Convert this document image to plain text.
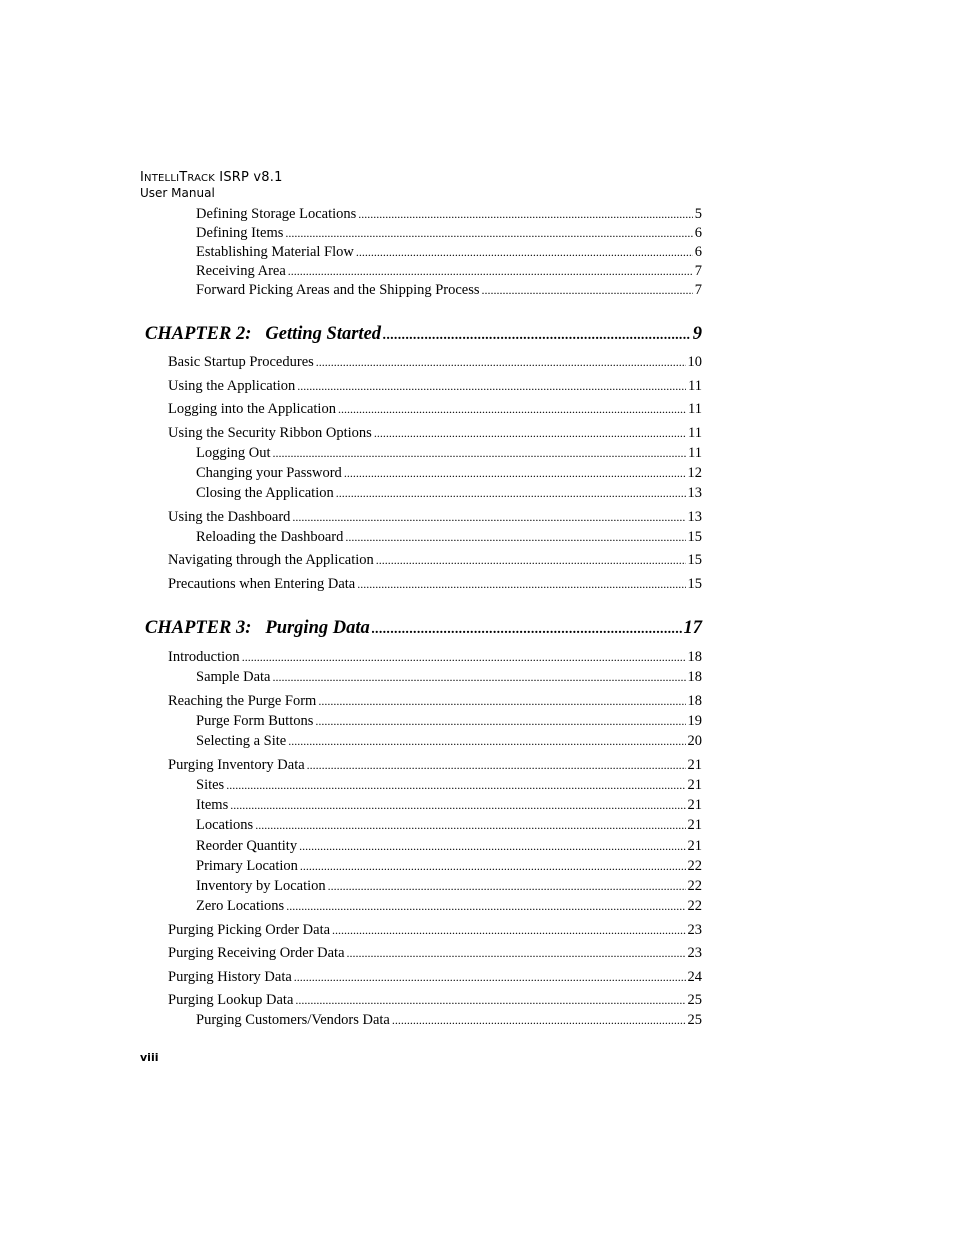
INTELLITRACK ISRP v8.1
User Manual
Defining Storage Locations .....	5
Defining Items .....	6
Establishing Material Flow .....	6
Receiving Area .....	7
Forward Picking Areas and the Shipping Process .....	7
CHAPTER 2: Getting Started .....	9
Basic Startup Procedures .....	10
Using the Application .....	11
Logging into the Application .....	11
Using the Security Ribbon Options .....	11
Logging Out .....	11
Changing your Password .....	12
Closing the Application .....	13
Using the Dashboard .....	13
Reloading the Dashboard .....	15
Navigating through the Application .....	15
Precautions when Entering Data .....	15
CHAPTER 3: Purging Data .....	17
Introduction .....	18
Sample Data .....	18
Reaching the Purge Form .....	18
Purge Form Buttons .....	19
Selecting a Site .....	20
Purging Inventory Data .....	21
Sites .....	21
Items .....	21
Locations .....	21
Reorder Quantity .....	21
Primary Location .....	22
Inventory by Location .....	22
Zero Locations .....	22
Purging Picking Order Data .....	23
Purging Receiving Order Data .....	23
Purging History Data .....	24
Purging Lookup Data .....	25
Purging Customers/Vendors Data .....	25
viii
